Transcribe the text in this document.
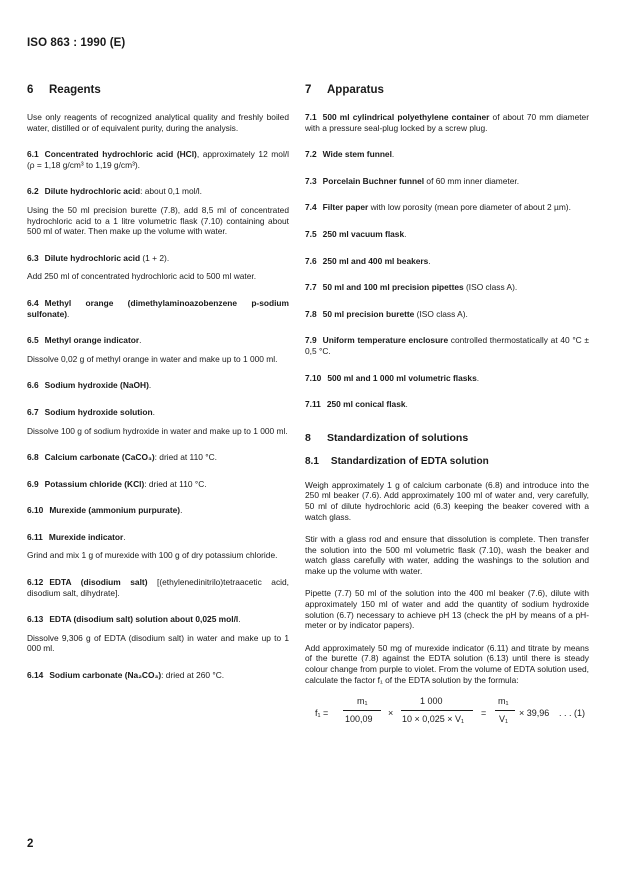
ISO 863 : 1990 (E)
6 Reagents
Use only reagents of recognized analytical quality and freshly boiled water, distilled or of equivalent purity, during the analysis.
6.1 Concentrated hydrochloric acid (HCl), approximately 12 mol/l (ρ = 1,18 g/cm³ to 1,19 g/cm³).
6.2 Dilute hydrochloric acid: about 0,1 mol/l.
Using the 50 ml precision burette (7.8), add 8,5 ml of concentrated hydrochloric acid to a 1 litre volumetric flask (7.10) containing about 500 ml of water. Then make up the volume with water.
6.3 Dilute hydrochloric acid (1 + 2).
Add 250 ml of concentrated hydrochloric acid to 500 ml water.
6.4 Methyl orange (dimethylaminoazobenzene p-sodium sulfonate).
6.5 Methyl orange indicator.
Dissolve 0,02 g of methyl orange in water and make up to 1 000 ml.
6.6 Sodium hydroxide (NaOH).
6.7 Sodium hydroxide solution.
Dissolve 100 g of sodium hydroxide in water and make up to 1 000 ml.
6.8 Calcium carbonate (CaCO₃): dried at 110 °C.
6.9 Potassium chloride (KCl): dried at 110 °C.
6.10 Murexide (ammonium purpurate).
6.11 Murexide indicator.
Grind and mix 1 g of murexide with 100 g of dry potassium chloride.
6.12 EDTA (disodium salt) [(ethylenedinitrilo)tetraacetic acid, disodium salt, dihydrate].
6.13 EDTA (disodium salt) solution about 0,025 mol/l.
Dissolve 9,306 g of EDTA (disodium salt) in water and make up to 1 000 ml.
6.14 Sodium carbonate (Na₂CO₃): dried at 260 °C.
7 Apparatus
7.1 500 ml cylindrical polyethylene container of about 70 mm diameter with a pressure seal-plug locked by a screw plug.
7.2 Wide stem funnel.
7.3 Porcelain Buchner funnel of 60 mm inner diameter.
7.4 Filter paper with low porosity (mean pore diameter of about 2 µm).
7.5 250 ml vacuum flask.
7.6 250 ml and 400 ml beakers.
7.7 50 ml and 100 ml precision pipettes (ISO class A).
7.8 50 ml precision burette (ISO class A).
7.9 Uniform temperature enclosure controlled thermostatically at 40 °C ± 0,5 °C.
7.10 500 ml and 1 000 ml volumetric flasks.
7.11 250 ml conical flask.
8 Standardization of solutions
8.1 Standardization of EDTA solution
Weigh approximately 1 g of calcium carbonate (6.8) and introduce into the 250 ml beaker (7.6). Add approximately 100 ml of water and, very carefully, 50 ml of dilute hydrochloric acid (6.3) keeping the beaker covered with a watch glass.
Stir with a glass rod and ensure that dissolution is complete. Then transfer the solution into the 500 ml volumetric flask (7.10), wash the beaker and watch glass carefully with water, adding the washings to the solution and make up the volume with water.
Pipette (7.7) 50 ml of the solution into the 400 ml beaker (7.6), dilute with approximately 150 ml of water and add the quantity of sodium hydroxide solution (6.7) necessary to achieve pH 13 (check the pH by means of a pH-meter or by indicator papers).
Add approximately 50 mg of murexide indicator (6.11) and titrate by means of the burette (7.8) against the EDTA solution (6.13) until there is steady colour change from purple to violet. From the volume of EDTA solution used, calculate the factor f₁ of the EDTA solution by the formula:
f₁ =
m₁
100,09
×
1 000
10 × 0,025 × V₁
=
m₁
V₁
× 39,96 . . . (1)
2
